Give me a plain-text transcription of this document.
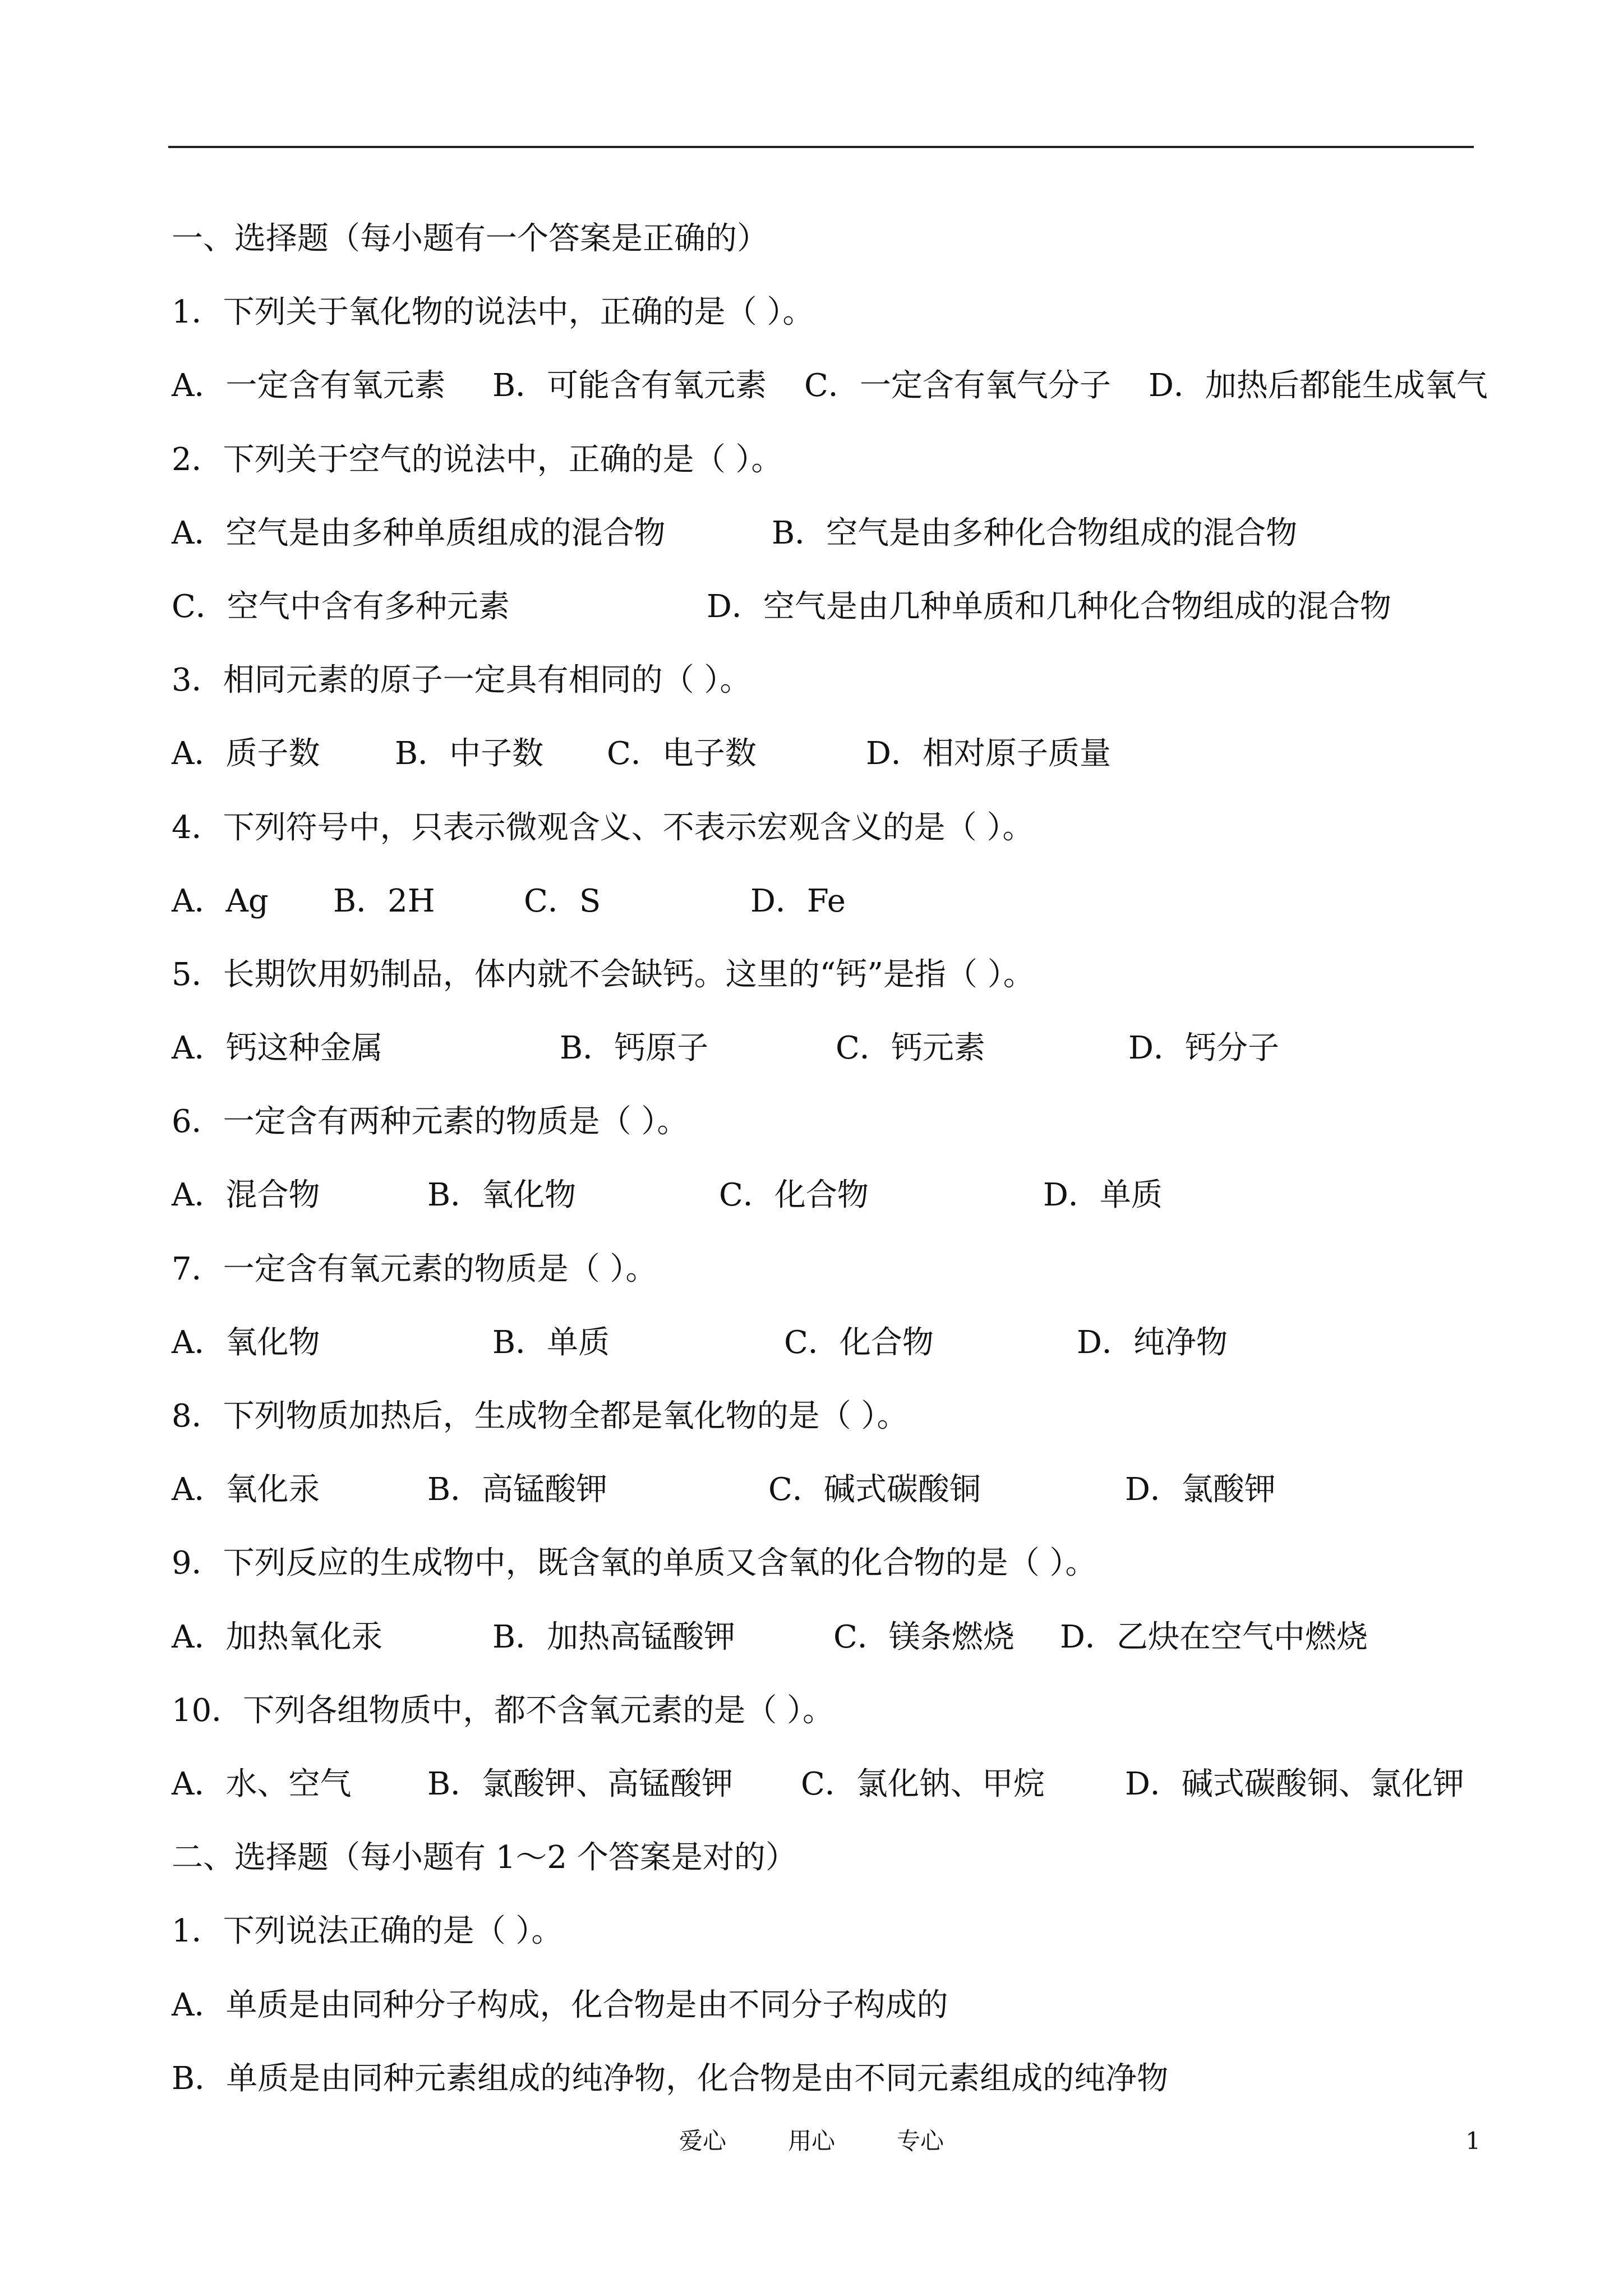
一、选择题（每小题有一个答案是正确的）
1．下列关于氧化物的说法中，正确的是（ ）。
A．一定含有氧元素 B．可能含有氧元素 C．一定含有氧气分子 D．加热后都能生成氧气
2．下列关于空气的说法中，正确的是（ ）。
A．空气是由多种单质组成的混合物	B．空气是由多种化合物组成的混合物
C．空气中含有多种元素	D．空气是由几种单质和几种化合物组成的混合物
3．相同元素的原子一定具有相同的（ ）。
A．质子数 B．中子数 C．电子数	D．相对原子质量
4．下列符号中，只表示微观含义、不表示宏观含义的是（ ）。
A．Ag B．2H	C．S	D．Fe
5．长期饮用奶制品，体内就不会缺钙。这里的“钙”是指（ ）。
A．钙这种金属	B．钙原子	C．钙元素	D．钙分子
6．一定含有两种元素的物质是（ ）。
A．混合物	B．氧化物	C．化合物	D．单质
7．一定含有氧元素的物质是（ ）。
A．氧化物	B．单质	C．化合物	D．纯净物
8．下列物质加热后，生成物全都是氧化物的是（ ）。
A．氧化汞	B．高锰酸钾	C．碱式碳酸铜	D．氯酸钾
9．下列反应的生成物中，既含氧的单质又含氧的化合物的是（ ）。
A．加热氧化汞	B．加热高锰酸钾	C．镁条燃烧 D．乙炔在空气中燃烧
10．下列各组物质中，都不含氧元素的是（ ）。
A．水、空气 B．氯酸钾、高锰酸钾 C．氯化钠、甲烷	D．碱式碳酸铜、氯化钾
二、选择题（每小题有 1～2 个答案是对的）
1．下列说法正确的是（ ）。
A．单质是由同种分子构成，化合物是由不同分子构成的
B．单质是由同种元素组成的纯净物，化合物是由不同元素组成的纯净物
爱心	用心	专心	1
